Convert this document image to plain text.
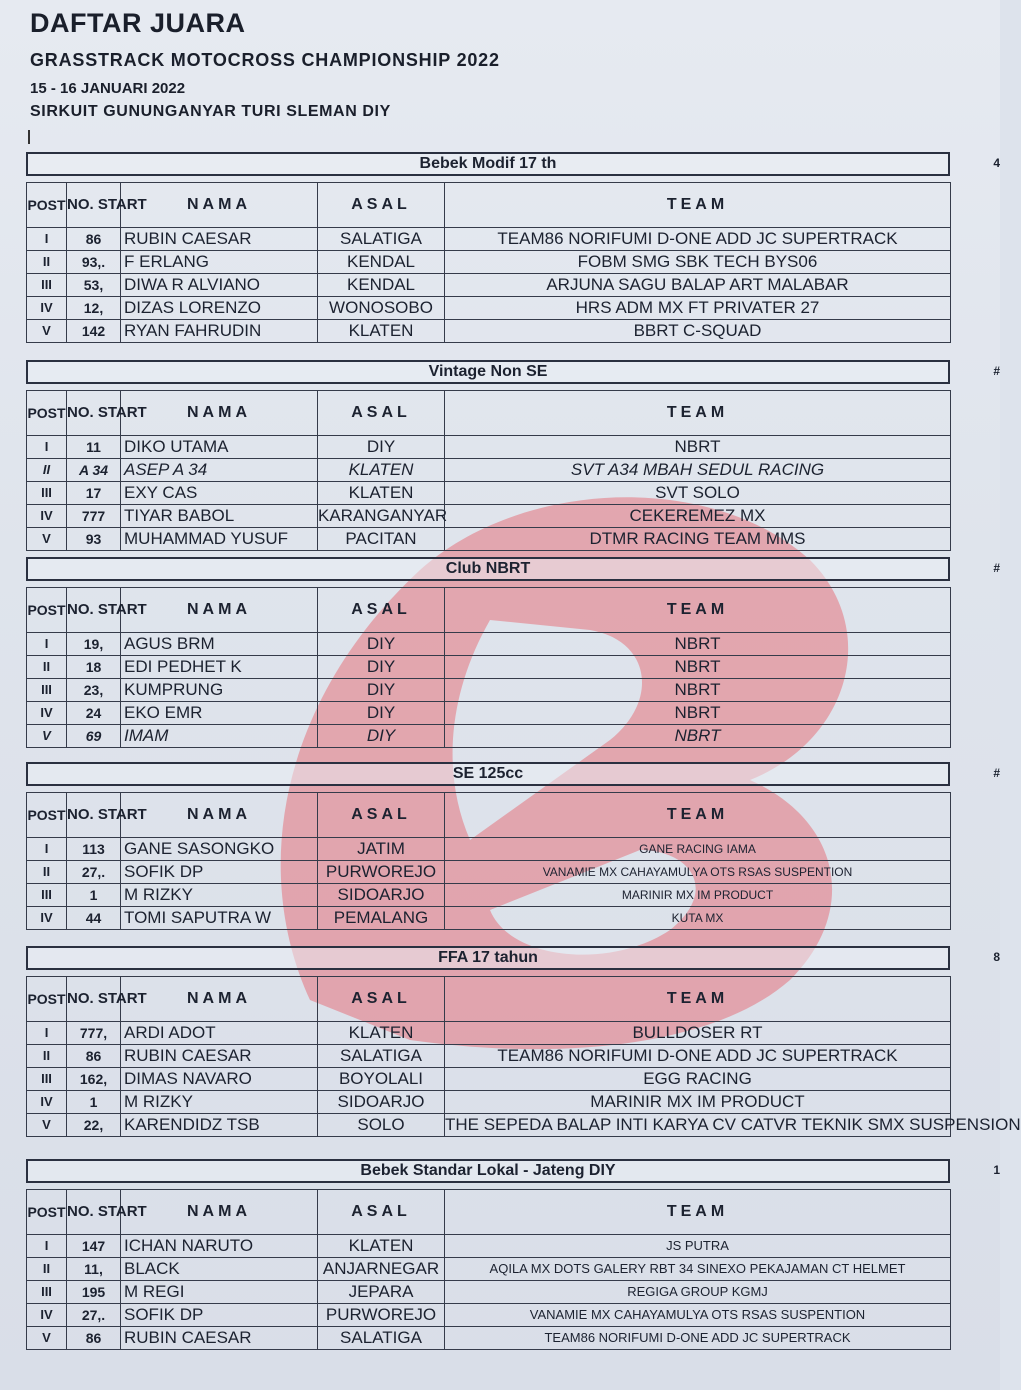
DAFTAR JUARA
GRASSTRACK MOTOCROSS CHAMPIONSHIP 2022
15 - 16 JANUARI 2022
SIRKUIT GUNUNGANYAR TURI SLEMAN DIY
Bebek Modif 17 th	4
POST	NO. START	NAMA	ASAL	TEAM
I	86	RUBIN CAESAR	SALATIGA	TEAM86 NORIFUMI D-ONE ADD JC SUPERTRACK
II	93,.	F ERLANG	KENDAL	FOBM SMG SBK TECH BYS06
III	53,	DIWA R ALVIANO	KENDAL	ARJUNA SAGU BALAP ART MALABAR
IV	12,	DIZAS LORENZO	WONOSOBO	HRS ADM MX FT PRIVATER 27
V	142	RYAN FAHRUDIN	KLATEN	BBRT C-SQUAD
Vintage Non SE	#
POST	NO. START	NAMA	ASAL	TEAM
I	11	DIKO UTAMA	DIY	NBRT
II	A 34	ASEP A 34	KLATEN	SVT A34 MBAH SEDUL RACING
III	17	EXY CAS	KLATEN	SVT SOLO
IV	777	TIYAR BABOL	KARANGANYAR	CEKEREMEZ MX
V	93	MUHAMMAD YUSUF	PACITAN	DTMR RACING TEAM MMS
Club NBRT	#
POST	NO. START	NAMA	ASAL	TEAM
I	19,	AGUS BRM	DIY	NBRT
II	18	EDI PEDHET K	DIY	NBRT
III	23,	KUMPRUNG	DIY	NBRT
IV	24	EKO EMR	DIY	NBRT
V	69	IMAM	DIY	NBRT
SE 125cc	#
POST	NO. START	NAMA	ASAL	TEAM
I	113	GANE SASONGKO	JATIM	GANE RACING IAMA
II	27,.	SOFIK DP	PURWOREJO	VANAMIE MX CAHAYAMULYA OTS RSAS SUSPENTION
III	1	M RIZKY	SIDOARJO	MARINIR MX IM PRODUCT
IV	44	TOMI SAPUTRA W	PEMALANG	KUTA MX
FFA 17 tahun	8
POST	NO. START	NAMA	ASAL	TEAM
I	777,	ARDI ADOT	KLATEN	BULLDOSER RT
II	86	RUBIN CAESAR	SALATIGA	TEAM86 NORIFUMI D-ONE ADD JC SUPERTRACK
III	162,	DIMAS NAVARO	BOYOLALI	EGG RACING
IV	1	M RIZKY	SIDOARJO	MARINIR MX IM PRODUCT
V	22,	KARENDIDZ TSB	SOLO	THE SEPEDA BALAP INTI KARYA CV CATVR TEKNIK SMX SUSPENSION
Bebek Standar Lokal - Jateng DIY	1
POST	NO. START	NAMA	ASAL	TEAM
I	147	ICHAN NARUTO	KLATEN	JS PUTRA
II	11,	BLACK	ANJARNEGAR	AQILA MX DOTS GALERY RBT 34 SINEXO PEKAJAMAN CT HELMET
III	195	M REGI	JEPARA	REGIGA GROUP KGMJ
IV	27,.	SOFIK DP	PURWOREJO	VANAMIE MX CAHAYAMULYA OTS RSAS SUSPENTION
V	86	RUBIN CAESAR	SALATIGA	TEAM86 NORIFUMI D-ONE ADD JC SUPERTRACK
